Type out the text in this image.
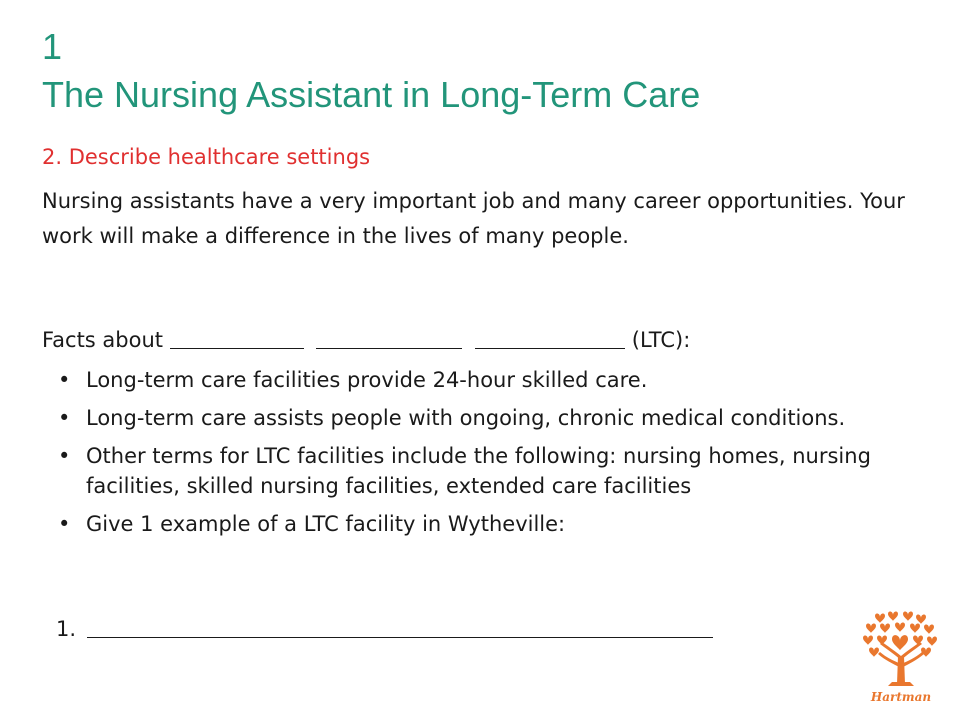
1
The Nursing Assistant in Long-Term Care
2. Describe healthcare settings
Nursing assistants have a very important job and many career opportunities. Your work will make a difference in the lives of many people.
Facts about	(LTC):
• Long-term care facilities provide 24-hour skilled care.
• Long-term care assists people with ongoing, chronic medical conditions.
• Other terms for LTC facilities include the following: nursing homes, nursing facilities, skilled nursing facilities, extended care facilities
• Give 1 example of a LTC facility in Wytheville:
1.
Hartman
